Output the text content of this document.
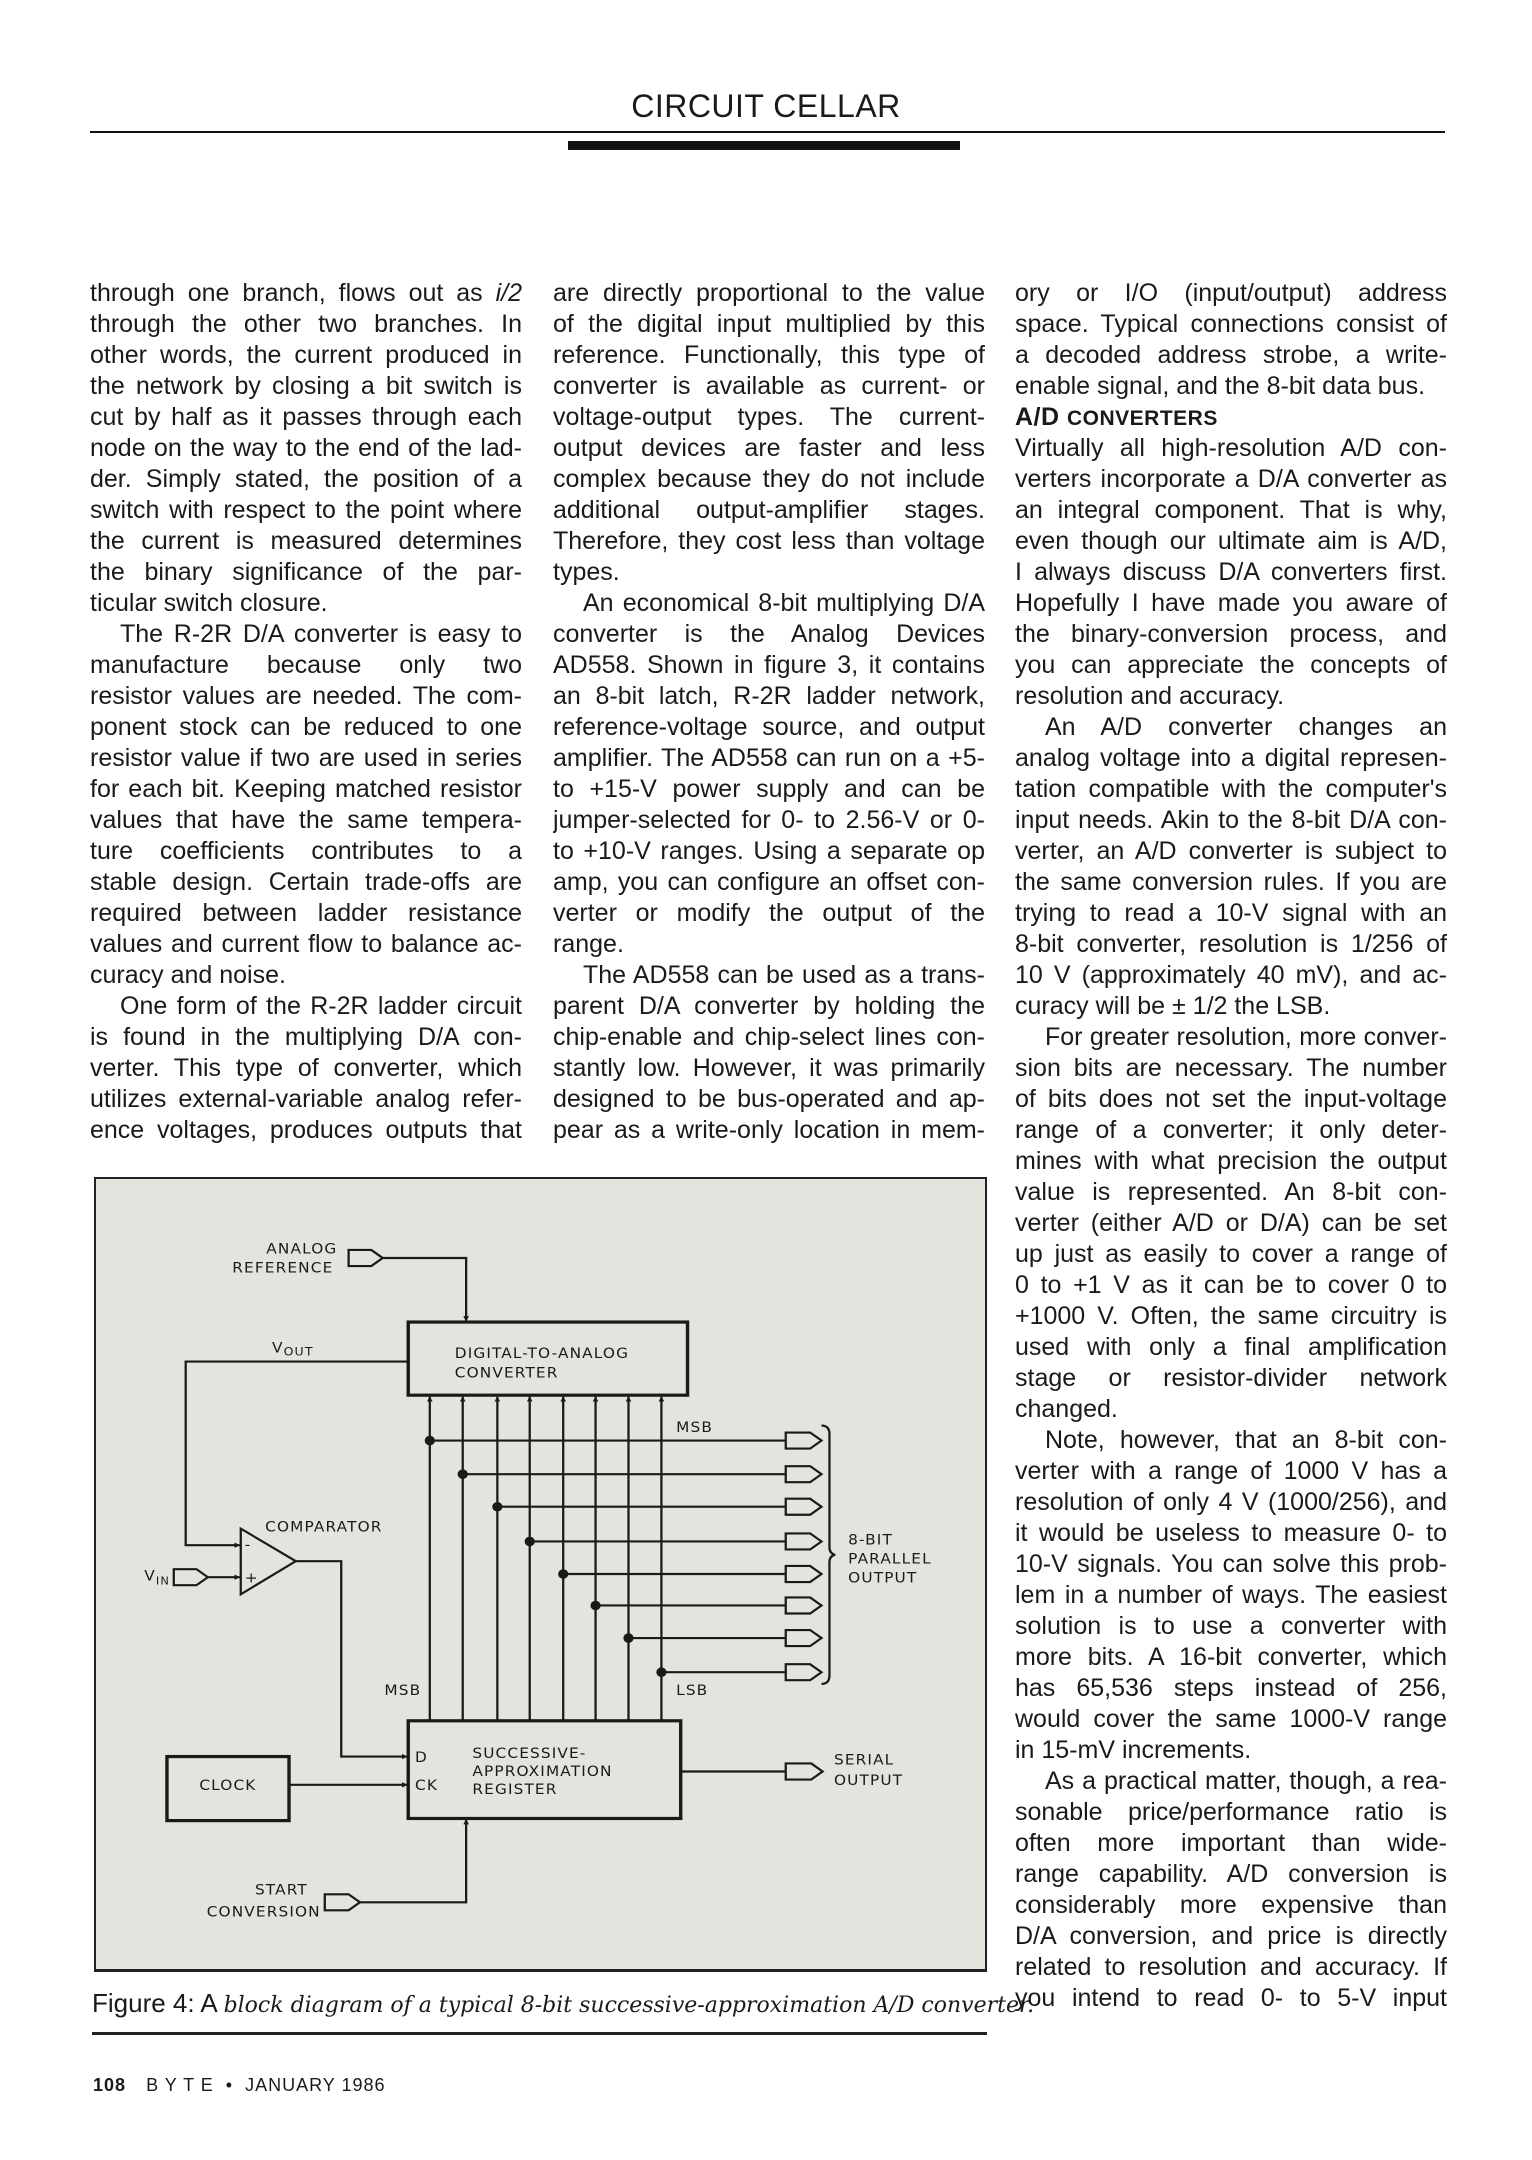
CIRCUIT CELLAR
through one branch, flows out as i/2
through the other two branches. In
other words, the current produced in
the network by closing a bit switch is
cut by half as it passes through each
node on the way to the end of the lad-
der. Simply stated, the position of a
switch with respect to the point where
the current is measured determines
the binary significance of the par-
ticular switch closure.
The R-2R D/A converter is easy to
manufacture because only two
resistor values are needed. The com-
ponent stock can be reduced to one
resistor value if two are used in series
for each bit. Keeping matched resistor
values that have the same tempera-
ture coefficients contributes to a
stable design. Certain trade-offs are
required between ladder resistance
values and current flow to balance ac-
curacy and noise.
One form of the R-2R ladder circuit
is found in the multiplying D/A con-
verter. This type of converter, which
utilizes external-variable analog refer-
ence voltages, produces outputs that
are directly proportional to the value
of the digital input multiplied by this
reference. Functionally, this type of
converter is available as current- or
voltage-output types. The current-
output devices are faster and less
complex because they do not include
additional output-amplifier stages.
Therefore, they cost less than voltage
types.
An economical 8-bit multiplying D/A
converter is the Analog Devices
AD558. Shown in figure 3, it contains
an 8-bit latch, R-2R ladder network,
reference-voltage source, and output
amplifier. The AD558 can run on a +5-
to +15-V power supply and can be
jumper-selected for 0- to 2.56-V or 0-
to +10-V ranges. Using a separate op
amp, you can configure an offset con-
verter or modify the output of the
range.
The AD558 can be used as a trans-
parent D/A converter by holding the
chip-enable and chip-select lines con-
stantly low. However, it was primarily
designed to be bus-operated and ap-
pear as a write-only location in mem-
ory or I/O (input/output) address
space. Typical connections consist of
a decoded address strobe, a write-
enable signal, and the 8-bit data bus.
A/D CONVERTERS
Virtually all high-resolution A/D con-
verters incorporate a D/A converter as
an integral component. That is why,
even though our ultimate aim is A/D,
I always discuss D/A converters first.
Hopefully I have made you aware of
the binary-conversion process, and
you can appreciate the concepts of
resolution and accuracy.
An A/D converter changes an
analog voltage into a digital represen-
tation compatible with the computer's
input needs. Akin to the 8-bit D/A con-
verter, an A/D converter is subject to
the same conversion rules. If you are
trying to read a 10-V signal with an
8-bit converter, resolution is 1/256 of
10 V (approximately 40 mV), and ac-
curacy will be ± 1/2 the LSB.
For greater resolution, more conver-
sion bits are necessary. The number
of bits does not set the input-voltage
range of a converter; it only deter-
mines with what precision the output
value is represented. An 8-bit con-
verter (either A/D or D/A) can be set
up just as easily to cover a range of
0 to +1 V as it can be to cover 0 to
+1000 V. Often, the same circuitry is
used with only a final amplification
stage or resistor-divider network
changed.
Note, however, that an 8-bit con-
verter with a range of 1000 V has a
resolution of only 4 V (1000/256), and
it would be useless to measure 0- to
10-V signals. You can solve this prob-
lem in a number of ways. The easiest
solution is to use a converter with
more bits. A 16-bit converter, which
has 65,536 steps instead of 256,
would cover the same 1000-V range
in 15-mV increments.
As a practical matter, though, a rea-
sonable price/performance ratio is
often more important than wide-
range capability. A/D conversion is
considerably more expensive than
D/A conversion, and price is directly
related to resolution and accuracy. If
you intend to read 0- to 5-V input
ANALOG
REFERENCE
DIGITAL-TO-ANALOG
CONVERTER
$V_{OUT}$
COMPARATOR
-
+
$V_{IN}$
MSB
MSB	LSB
8-BIT
PARALLEL
OUTPUT
CLOCK
D
CK
SUCCESSIVE-
APPROXIMATION
REGISTER
SERIAL
OUTPUT
START
CONVERSION
Figure 4: A block diagram of a typical 8-bit successive-approximation A/D converter.
108 B Y T E  •  JANUARY 1986
